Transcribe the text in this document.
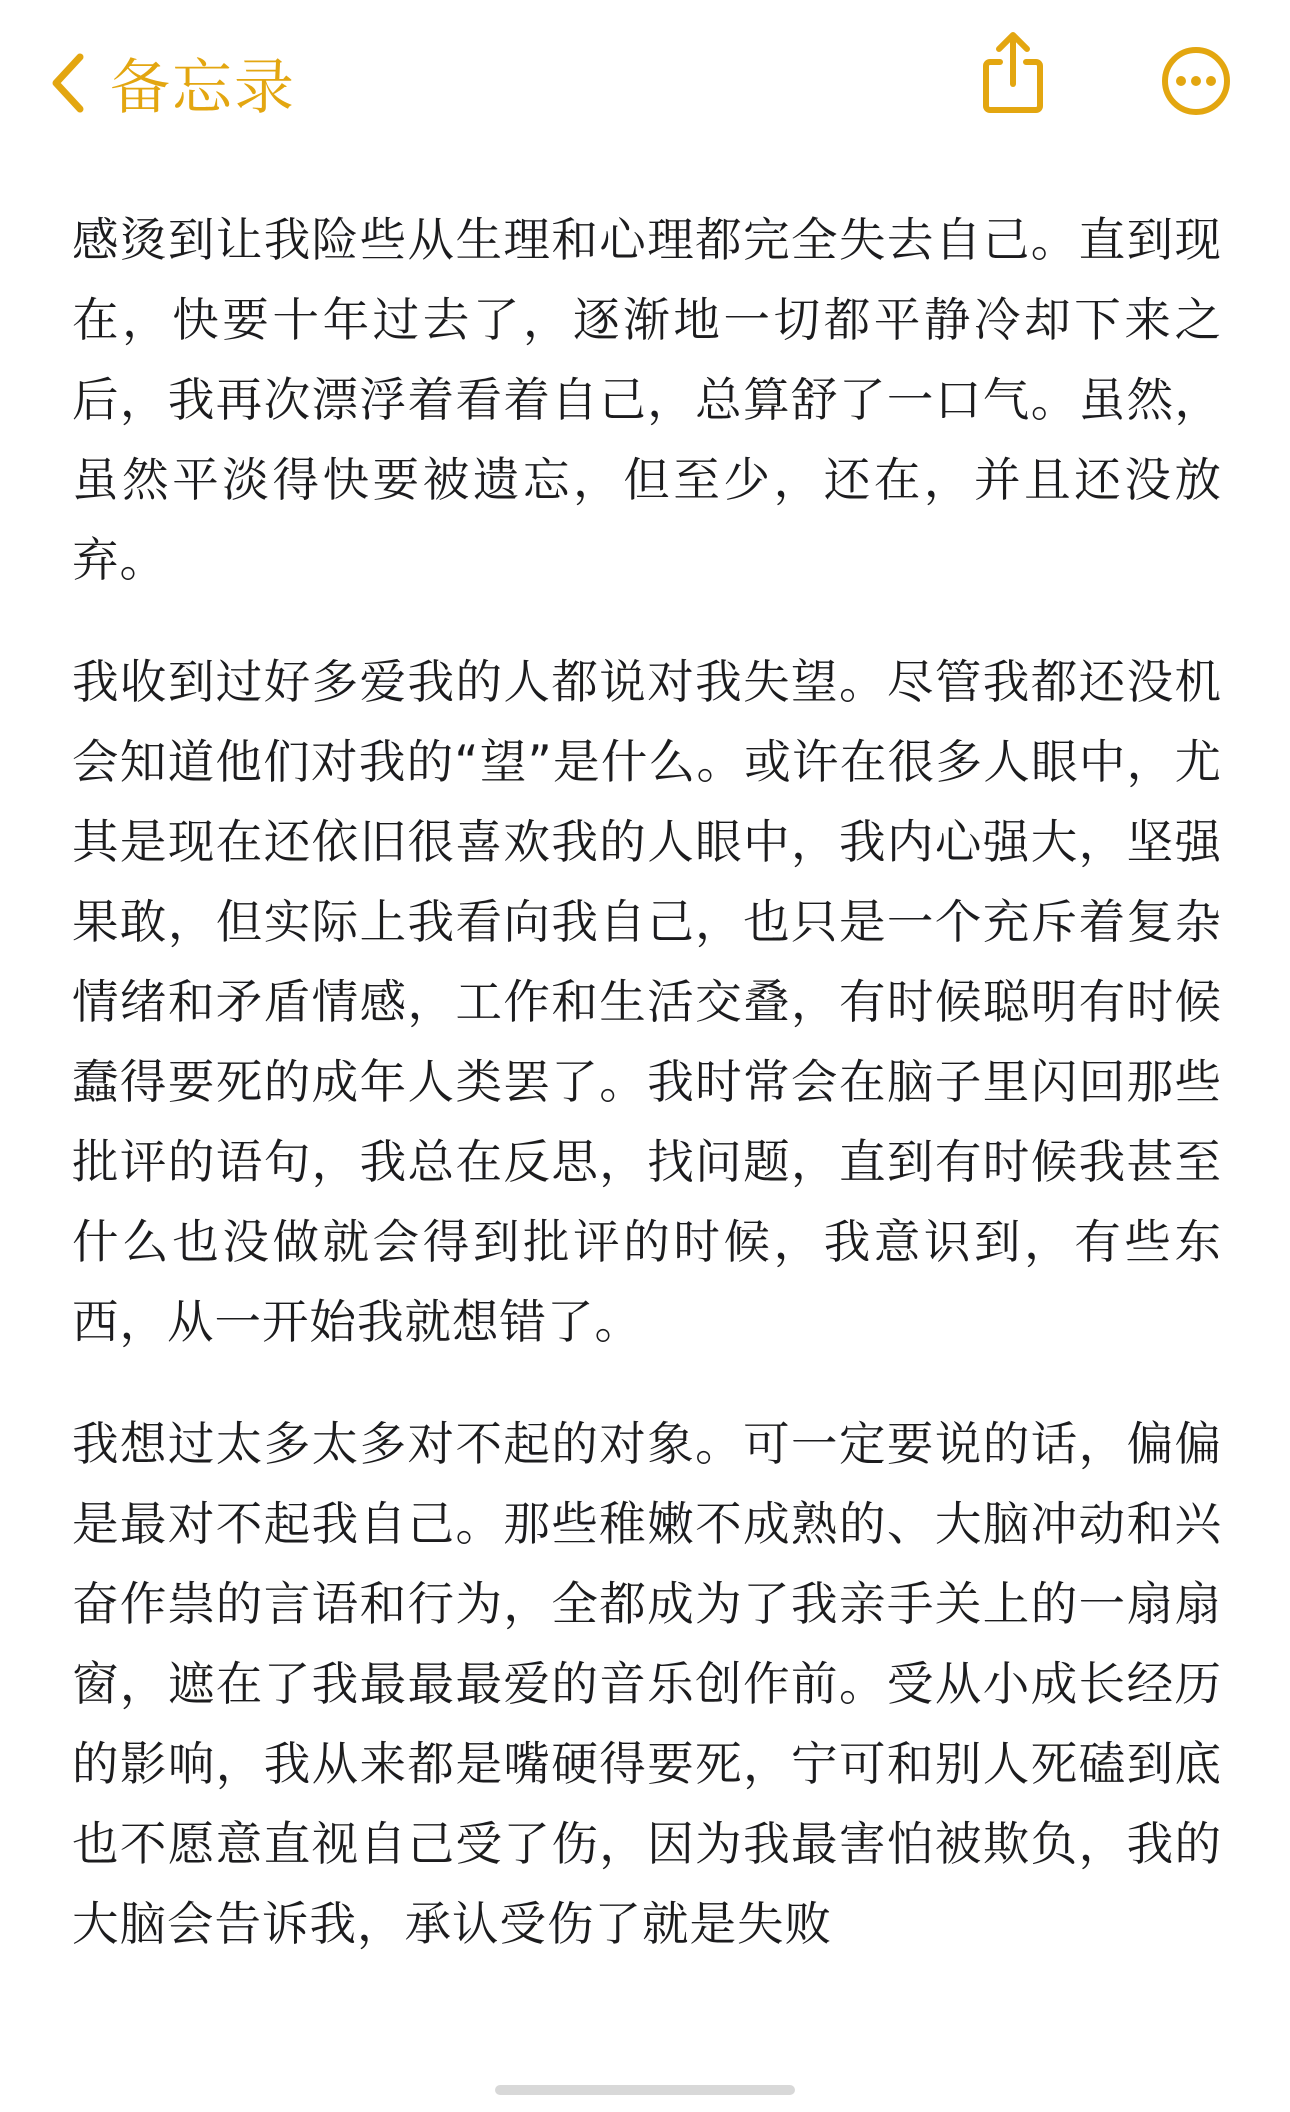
备忘录

感烫到让我险些从生理和心理都完全失去自己。直到现在，快要十年过去了，逐渐地一切都平静冷却下来之后，我再次漂浮着看着自己，总算舒了一口气。虽然，虽然平淡得快要被遗忘，但至少，还在，并且还没放弃。

我收到过好多爱我的人都说对我失望。尽管我都还没机会知道他们对我的“望”是什么。或许在很多人眼中，尤其是现在还依旧很喜欢我的人眼中，我内心强大，坚强果敢，但实际上我看向我自己，也只是一个充斥着复杂情绪和矛盾情感，工作和生活交叠，有时候聪明有时候蠢得要死的成年人类罢了。我时常会在脑子里闪回那些批评的语句，我总在反思，找问题，直到有时候我甚至什么也没做就会得到批评的时候，我意识到，有些东西，从一开始我就想错了。

我想过太多太多对不起的对象。可一定要说的话，偏偏是最对不起我自己。那些稚嫩不成熟的、大脑冲动和兴奋作祟的言语和行为，全都成为了我亲手关上的一扇扇窗，遮在了我最最最爱的音乐创作前。受从小成长经历的影响，我从来都是嘴硬得要死，宁可和别人死磕到底也不愿意直视自己受了伤，因为我最害怕被欺负，我的大脑会告诉我，承认受伤了就是失败
